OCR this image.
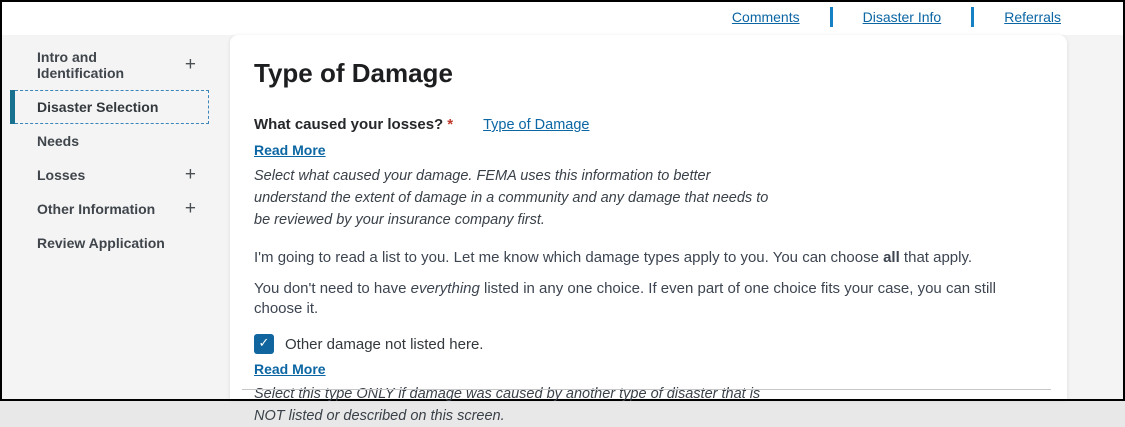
Comments	Disaster Info	Referrals
Intro and Identification	+
Disaster Selection
Needs
Losses	+
Other Information +
Review Application
Type of Damage
What caused your losses? * Type of Damage
Read More
Select what caused your damage. FEMA uses this information to better
understand the extent of damage in a community and any damage that needs to
be reviewed by your insurance company first.

I'm going to read a list to you. Let me know which damage types apply to you. You can choose all that apply.

You don't need to have everything listed in any one choice. If even part of one choice fits your case, you can still choose it.

✓	Other damage not listed here.
Read More
Select this type ONLY if damage was caused by another type of disaster that is
NOT listed or described on this screen.
